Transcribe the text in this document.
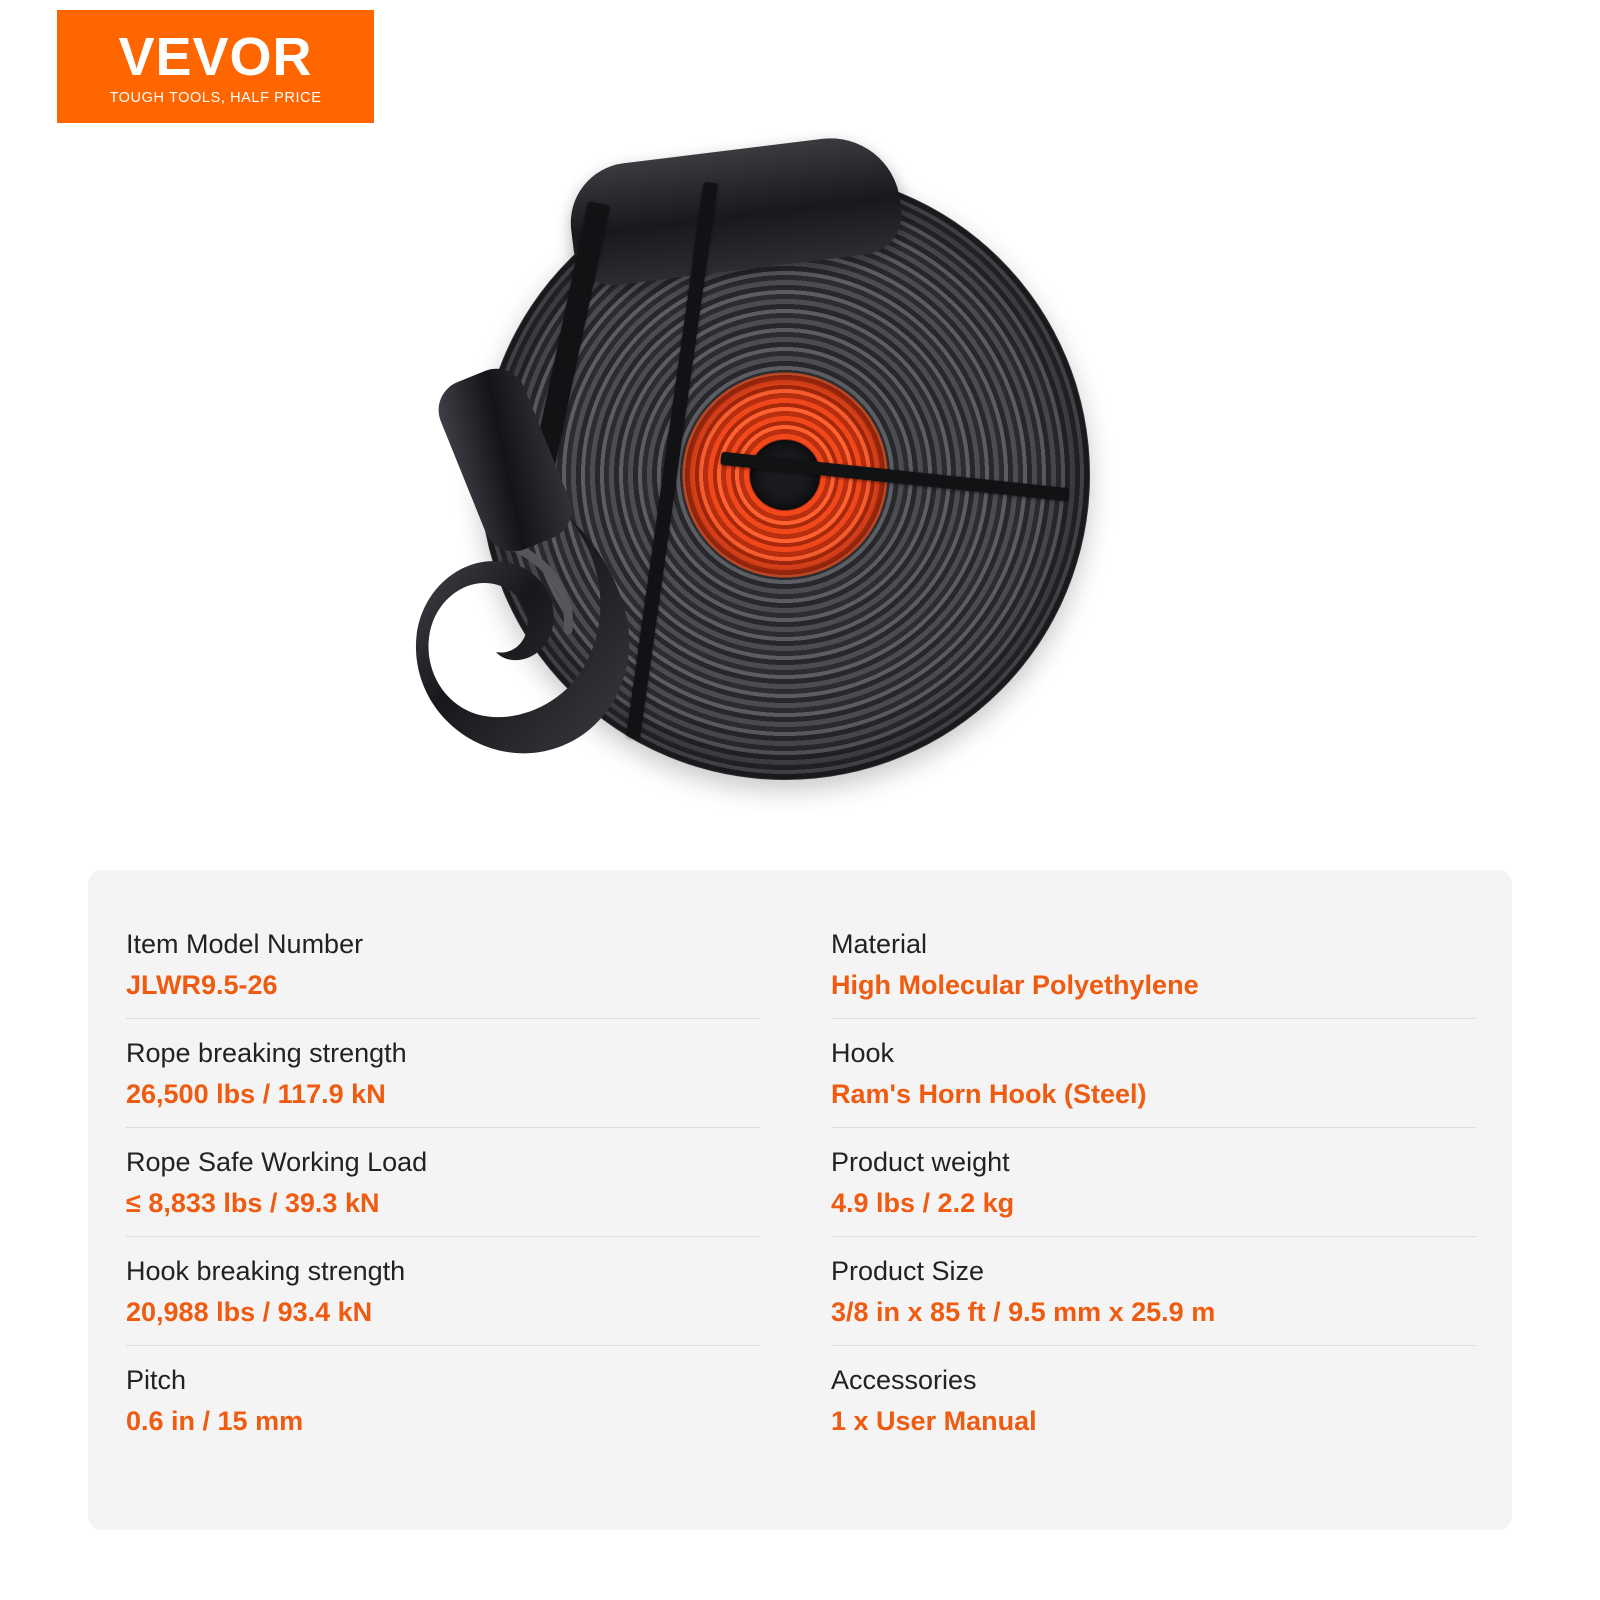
VEVOR
TOUGH TOOLS, HALF PRICE
Item Model Number
JLWR9.5-26
Rope breaking strength
26,500 lbs / 117.9 kN
Rope Safe Working Load
≤ 8,833 lbs / 39.3 kN
Hook breaking strength
20,988 lbs / 93.4 kN
Pitch
0.6 in / 15 mm
Material
High Molecular Polyethylene
Hook
Ram's Horn Hook (Steel)
Product weight
4.9 lbs / 2.2 kg
Product Size
3/8 in x 85 ft / 9.5 mm x 25.9 m
Accessories
1 x User Manual
